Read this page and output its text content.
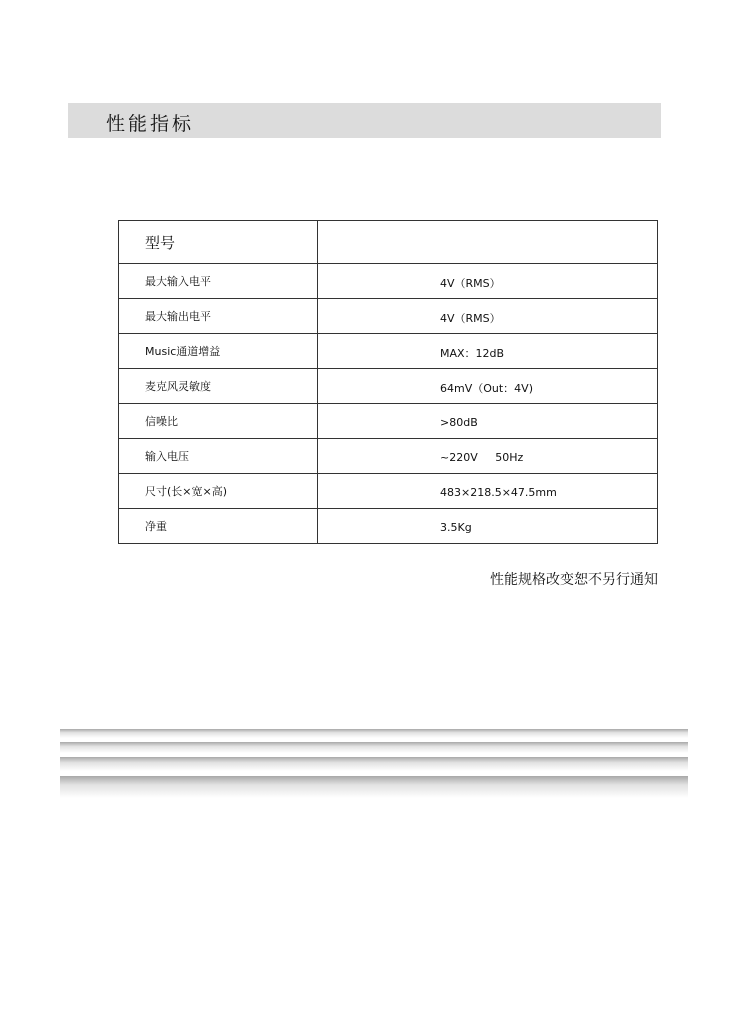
性能指标
型号	
最大输入电平	4V（RMS）
最大输出电平	4V（RMS）
Music通道增益	MAX：12dB
麦克风灵敏度	64mV（Out：4V)
信噪比	>80dB
输入电压	~220V     50Hz
尺寸(长×宽×高)	483×218.5×47.5mm
净重	3.5Kg
性能规格改变恕不另行通知
